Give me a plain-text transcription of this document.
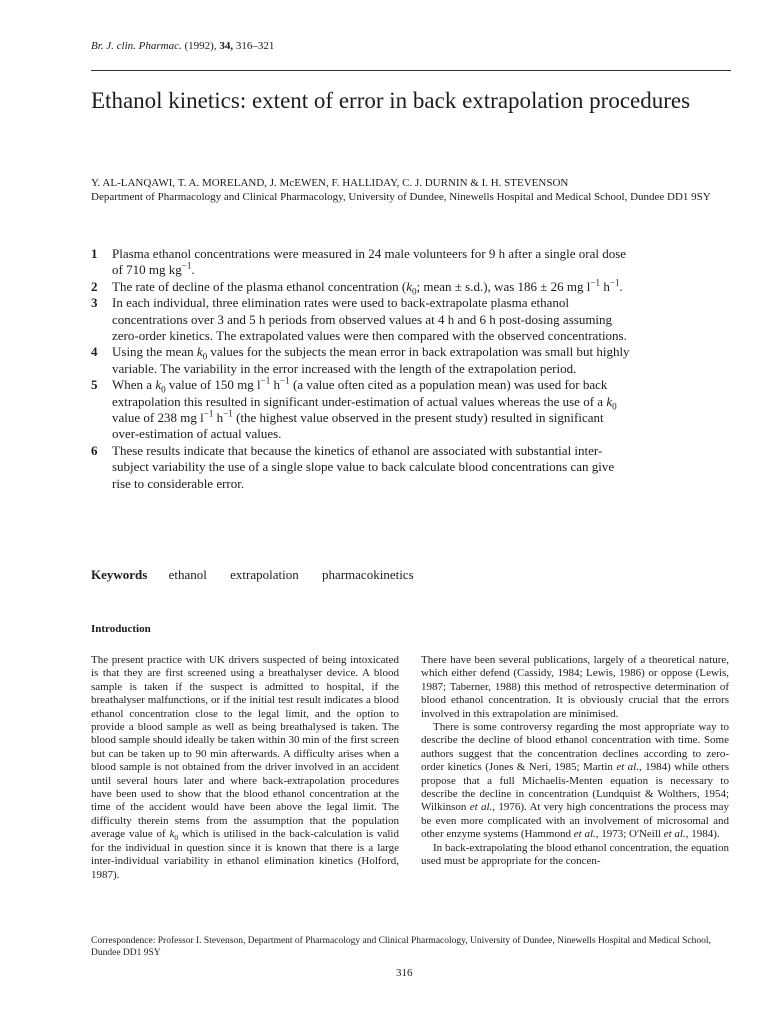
Br. J. clin. Pharmac. (1992), 34, 316–321
Ethanol kinetics: extent of error in back extrapolation procedures
Y. AL-LANQAWI, T. A. MORELAND, J. McEWEN, F. HALLIDAY, C. J. DURNIN & I. H. STEVENSON
Department of Pharmacology and Clinical Pharmacology, University of Dundee, Ninewells Hospital and Medical School, Dundee DD1 9SY
1 Plasma ethanol concentrations were measured in 24 male volunteers for 9 h after a single oral dose of 710 mg $kg^{-1}$.
2 The rate of decline of the plasma ethanol concentration ($k_0$; mean ± s.d.), was 186 ± 26 mg $l^{-1}$ $h^{-1}$.
3 In each individual, three elimination rates were used to back-extrapolate plasma ethanol concentrations over 3 and 5 h periods from observed values at 4 h and 6 h post-dosing assuming zero-order kinetics. The extrapolated values were then compared with the observed concentrations.
4 Using the mean $k_0$ values for the subjects the mean error in back extrapolation was small but highly variable. The variability in the error increased with the length of the extrapolation period.
5 When a $k_0$ value of 150 mg $l^{-1}$ $h^{-1}$ (a value often cited as a population mean) was used for back extrapolation this resulted in significant under-estimation of actual values whereas the use of a $k_0$ value of 238 mg $l^{-1}$ $h^{-1}$ (the highest value observed in the present study) resulted in significant over-estimation of actual values.
6 These results indicate that because the kinetics of ethanol are associated with substantial inter-subject variability the use of a single slope value to back calculate blood concentrations can give rise to considerable error.
Keywords ethanol extrapolation pharmacokinetics
Introduction

The present practice with UK drivers suspected of being intoxicated is that they are first screened using a breathalyser device. A blood sample is taken if the suspect is admitted to hospital, if the breathalyser malfunctions, or if the initial test result indicates a blood ethanol concentration close to the legal limit, and the option to provide a blood sample as well as being breathalysed is taken. The blood sample should ideally be taken within 30 min of the first screen but can be taken up to 90 min afterwards. A difficulty arises when a blood sample is not obtained from the driver involved in an accident until several hours later and where back-extrapolation procedures have been used to show that the blood ethanol concentration at the time of the accident would have been above the legal limit. The difficulty therein stems from the assumption that the population average value of $k_0$ which is utilised in the back-calculation is valid for the individual in question since it is known that there is a large inter-individual variability in ethanol elimination kinetics (Holford, 1987).

There have been several publications, largely of a theoretical nature, which either defend (Cassidy, 1984; Lewis, 1986) or oppose (Lewis, 1987; Taberner, 1988) this method of retrospective determination of blood ethanol concentration. It is obviously crucial that the errors involved in this extrapolation are minimised.

There is some controversy regarding the most appropriate way to describe the decline of blood ethanol concentration with time. Some authors suggest that the concentration declines according to zero-order kinetics (Jones & Neri, 1985; Martin et al., 1984) while others propose that a full Michaelis-Menten equation is necessary to describe the decline in concentration (Lundquist & Wolthers, 1954; Wilkinson et al., 1976). At very high concentrations the process may be even more complicated with an involvement of microsomal and other enzyme systems (Hammond et al., 1973; O'Neill et al., 1984).

In back-extrapolating the blood ethanol concentration, the equation used must be appropriate for the concen-

Correspondence: Professor I. Stevenson, Department of Pharmacology and Clinical Pharmacology, University of Dundee, Ninewells Hospital and Medical School, Dundee DD1 9SY
316
